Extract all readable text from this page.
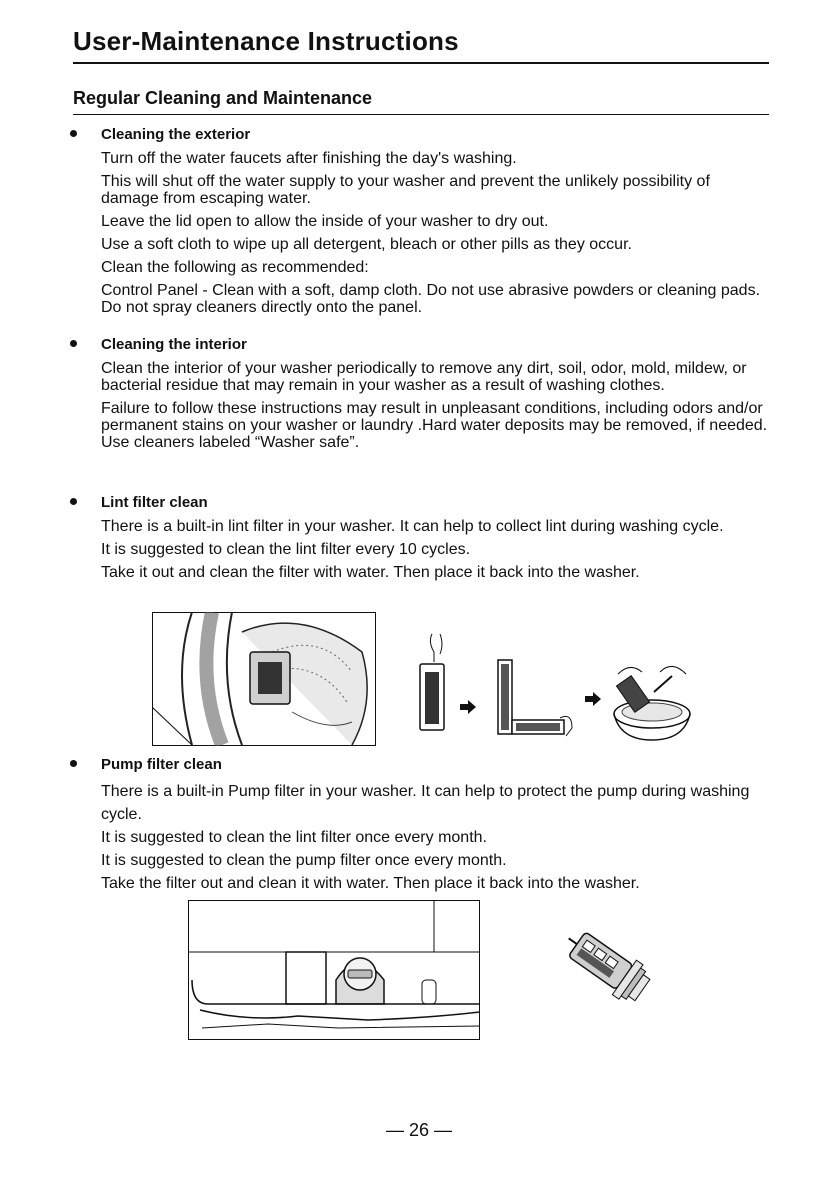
User-Maintenance Instructions
Regular Cleaning and Maintenance
Cleaning the exterior

Turn off the water faucets after finishing the day's washing.

This will shut off the water supply to your washer and prevent the unlikely possibility of damage from escaping water.

Leave the lid open to allow the inside of your washer to dry out.

Use a soft cloth to wipe up all detergent, bleach or other pills as they occur.

Clean the following as recommended:

Control Panel - Clean with a soft, damp cloth. Do not use abrasive powders or cleaning pads. Do not spray cleaners directly onto the panel.

Cleaning the interior

Clean the interior of your washer periodically to remove any dirt, soil, odor, mold, mildew, or bacterial residue that may remain in your washer as a result of washing clothes.

Failure to follow these instructions may result in unpleasant conditions, including odors and/or permanent stains on your washer or laundry .Hard water deposits may be removed, if needed. Use cleaners labeled “Washer safe”.

Lint filter clean

There is a built-in lint filter in your washer. It can help to collect lint during washing cycle.

It is suggested to clean the lint filter every 10 cycles.

Take it out and clean the filter with water. Then place it back into the washer.

Pump filter clean

There is a built-in Pump filter in your washer. It can help to protect the pump during washing cycle.

It is suggested to clean the lint filter once every month.

It is suggested to clean the pump filter once every month.

Take the filter out and clean it with water. Then place it back into the washer.

— 26 —
